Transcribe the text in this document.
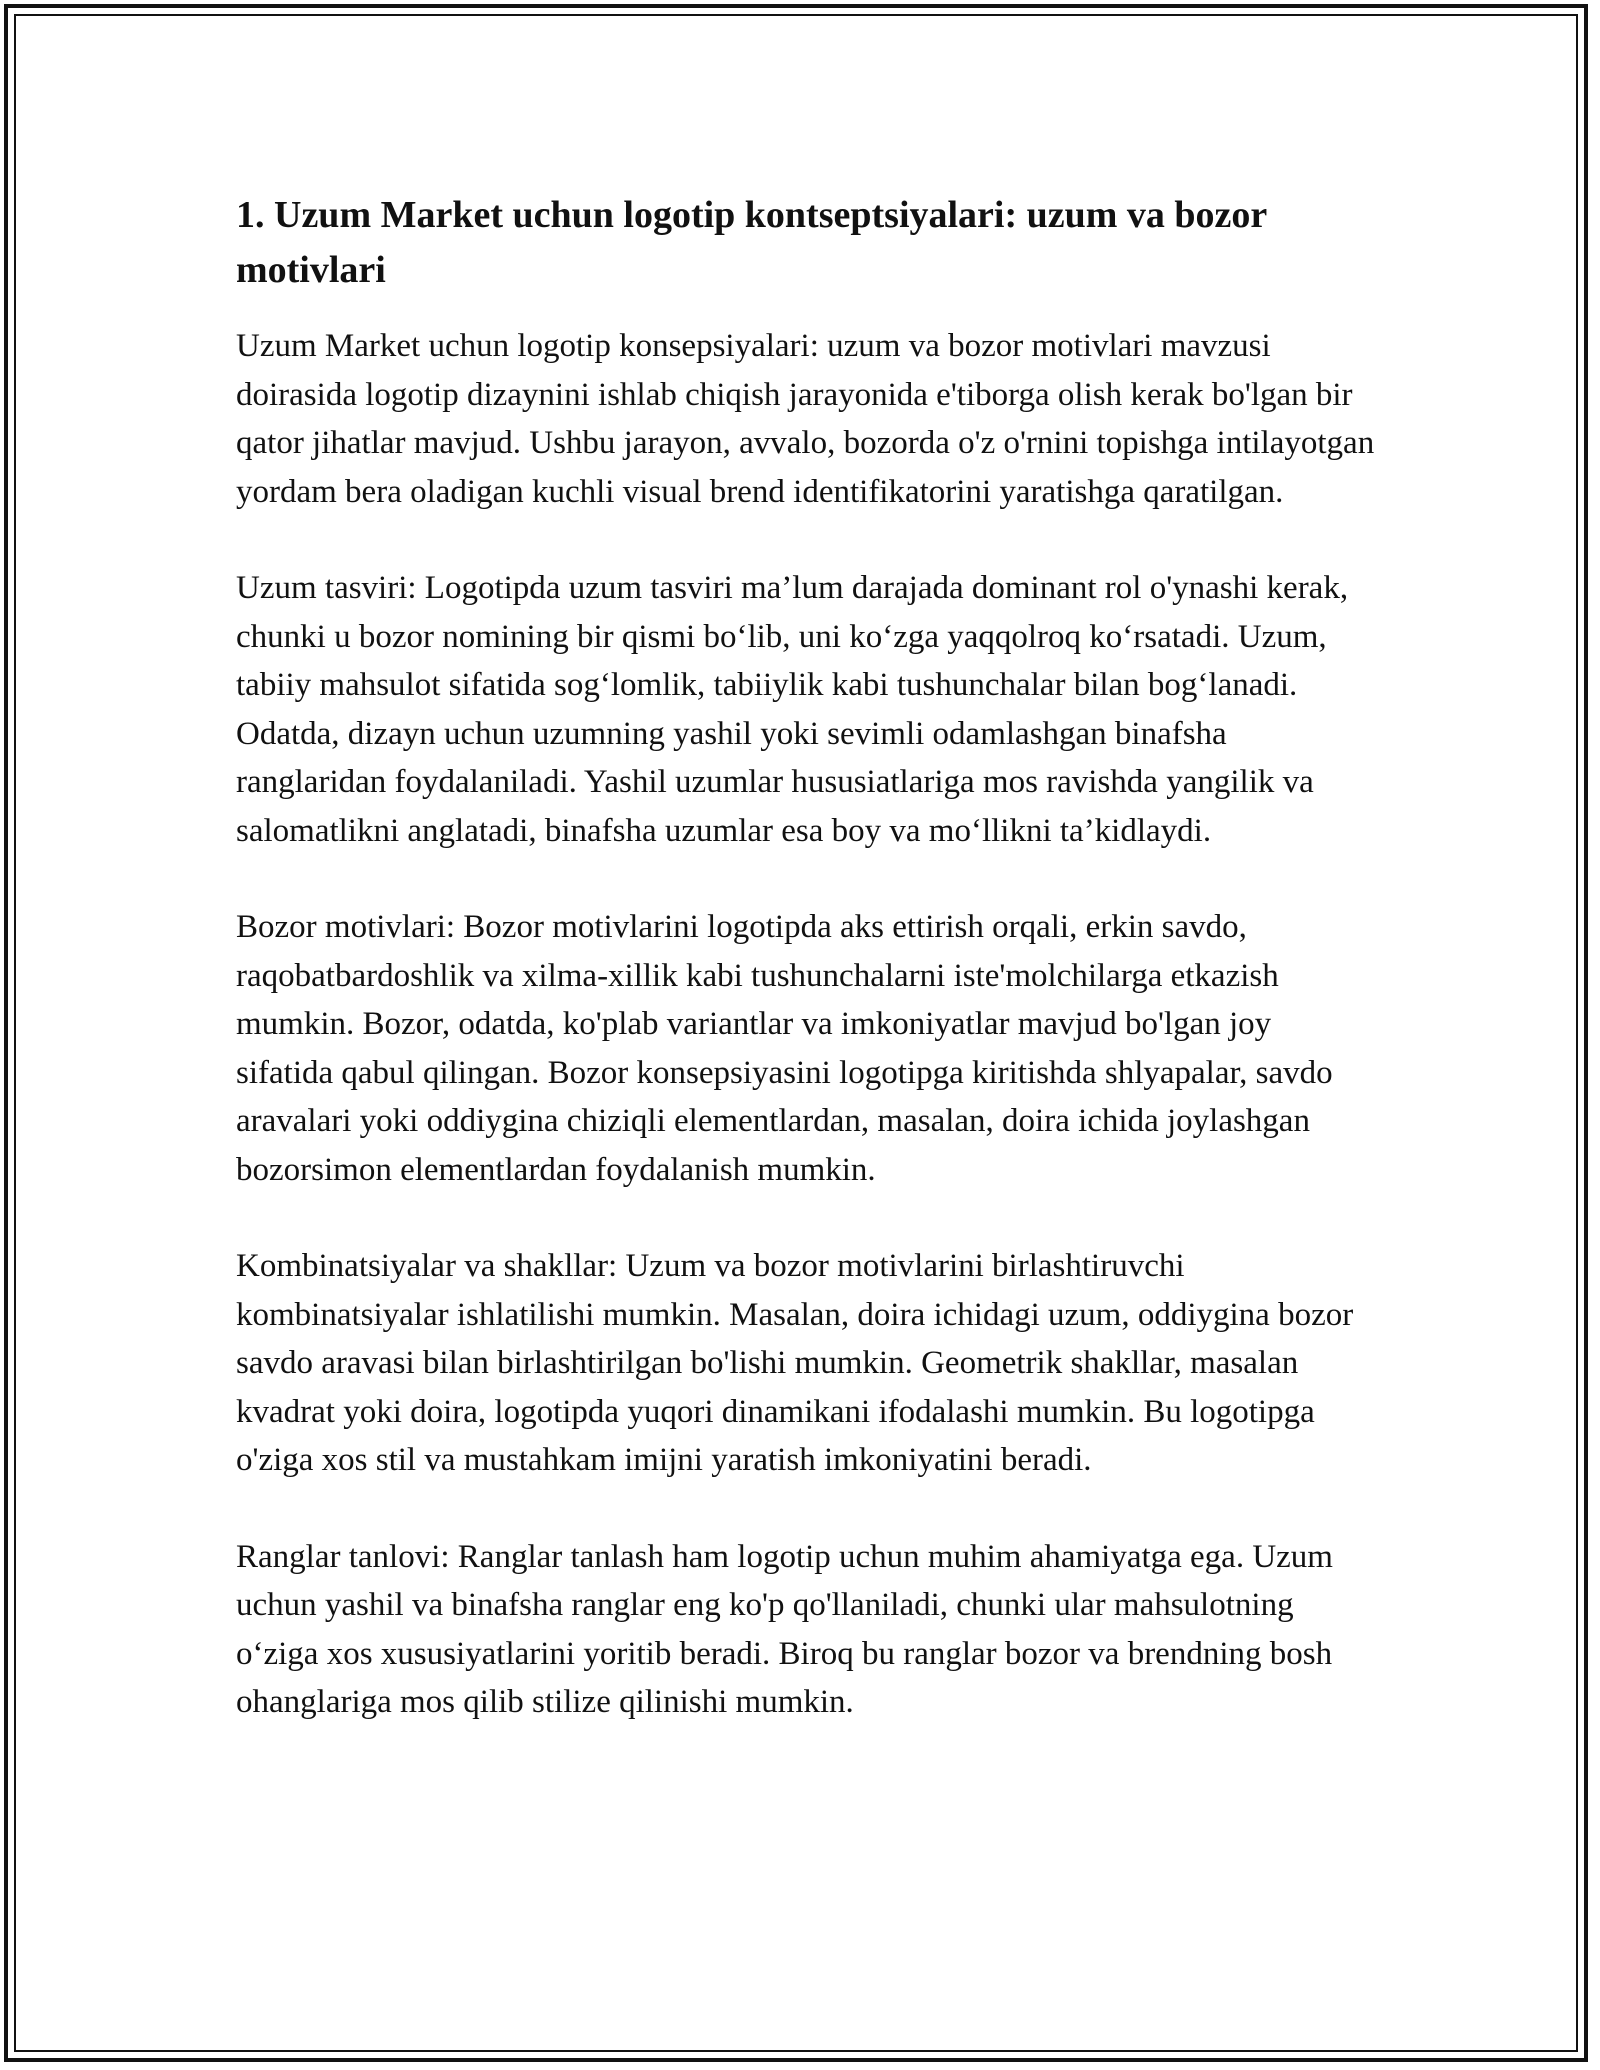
1. Uzum Market uchun logotip kontseptsiyalari: uzum va bozor motivlari

Uzum Market uchun logotip konsepsiyalari: uzum va bozor motivlari mavzusi doirasida logotip dizaynini ishlab chiqish jarayonida e'tiborga olish kerak bo'lgan bir qator jihatlar mavjud. Ushbu jarayon, avvalo, bozorda o'z o'rnini topishga intilayotgan yordam bera oladigan kuchli visual brend identifikatorini yaratishga qaratilgan.

Uzum tasviri: Logotipda uzum tasviri ma’lum darajada dominant rol o'ynashi kerak, chunki u bozor nomining bir qismi bo‘lib, uni ko‘zga yaqqolroq ko‘rsatadi. Uzum, tabiiy mahsulot sifatida sog‘lomlik, tabiiylik kabi tushunchalar bilan bog‘lanadi. Odatda, dizayn uchun uzumning yashil yoki sevimli odamlashgan binafsha ranglaridan foydalaniladi. Yashil uzumlar hususiatlariga mos ravishda yangilik va salomatlikni anglatadi, binafsha uzumlar esa boy va mo‘llikni ta’kidlaydi.

Bozor motivlari: Bozor motivlarini logotipda aks ettirish orqali, erkin savdo, raqobatbardoshlik va xilma-xillik kabi tushunchalarni iste'molchilarga etkazish mumkin. Bozor, odatda, ko'plab variantlar va imkoniyatlar mavjud bo'lgan joy sifatida qabul qilingan. Bozor konsepsiyasini logotipga kiritishda shlyapalar, savdo aravalari yoki oddiygina chiziqli elementlardan, masalan, doira ichida joylashgan bozorsimon elementlardan foydalanish mumkin.

Kombinatsiyalar va shakllar: Uzum va bozor motivlarini birlashtiruvchi kombinatsiyalar ishlatilishi mumkin. Masalan, doira ichidagi uzum, oddiygina bozor savdo aravasi bilan birlashtirilgan bo'lishi mumkin. Geometrik shakllar, masalan kvadrat yoki doira, logotipda yuqori dinamikani ifodalashi mumkin. Bu logotipga o'ziga xos stil va mustahkam imijni yaratish imkoniyatini beradi.

Ranglar tanlovi: Ranglar tanlash ham logotip uchun muhim ahamiyatga ega. Uzum uchun yashil va binafsha ranglar eng ko'p qo'llaniladi, chunki ular mahsulotning o‘ziga xos xususiyatlarini yoritib beradi. Biroq bu ranglar bozor va brendning bosh ohanglariga mos qilib stilize qilinishi mumkin.
